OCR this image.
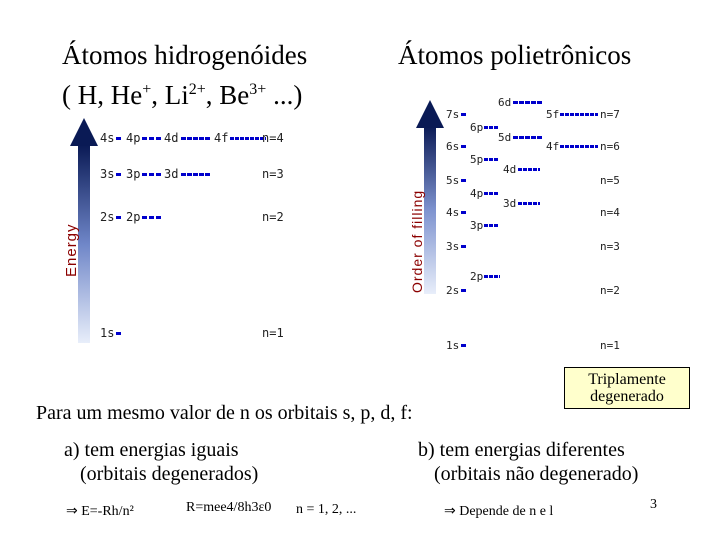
Átomos hidrogenóides
( H, He+, $Li^{2+}$, $Be^{3+}$ ...)
Átomos polietrônicos
Energy
4s 4p 4d	4f	n=4
3s 3p 3d	n=3
2s 2p	n=2
1s	n=1
Order of filling
7s
6d
5f	n=7
6p
6s
5d
4f	n=6
5p
4d
5s	n=5
4p
3d
4s	n=4
3p
3s	n=3
2p
2s	n=2
1s	n=1
Triplamente
degenerado
Para um mesmo valor de n os orbitais s, p, d, f:
a) tem energias iguais
(orbitais degenerados)
b) tem energias diferentes
(orbitais não degenerado)
⇒ E=-Rh/n²	R=meе4/8h3ε0 n = 1, 2, ...	⇒ Depende de n e l	3
